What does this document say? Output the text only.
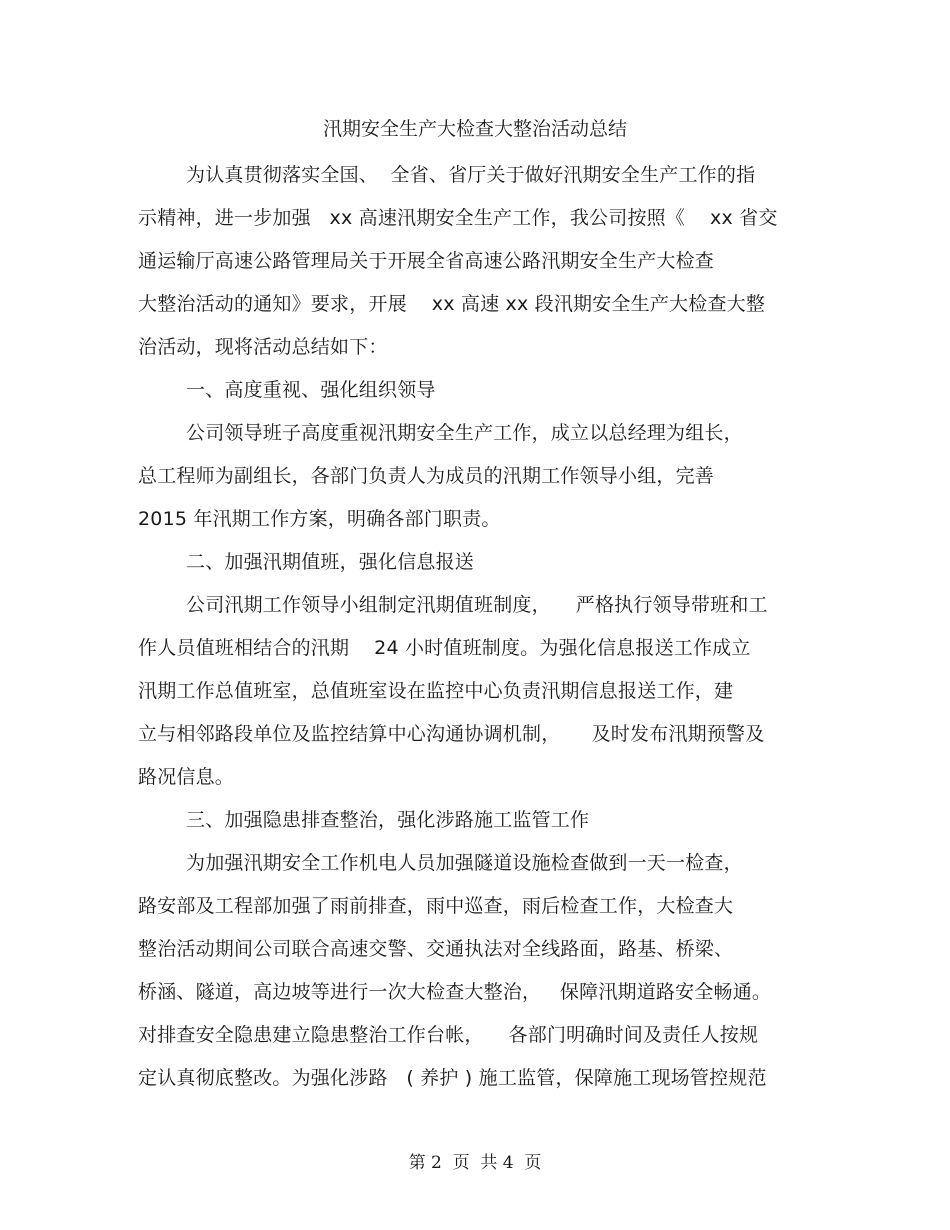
汛期安全生产大检查大整治活动总结
为认真贯彻落实全国、  全省、省厅关于做好汛期安全生产工作的指
示精神，进一步加强   xx 高速汛期安全生产工作，我公司按照《    xx 省交
通运输厅高速公路管理局关于开展全省高速公路汛期安全生产大检查
大整治活动的通知》要求，开展    xx 高速 xx 段汛期安全生产大检查大整
治活动，现将活动总结如下：
一、高度重视、强化组织领导
公司领导班子高度重视汛期安全生产工作，成立以总经理为组长，
总工程师为副组长，各部门负责人为成员的汛期工作领导小组，完善
2015 年汛期工作方案，明确各部门职责。
二、加强汛期值班，强化信息报送
公司汛期工作领导小组制定汛期值班制度，    严格执行领导带班和工
作人员值班相结合的汛期    24 小时值班制度。为强化信息报送工作成立
汛期工作总值班室，总值班室设在监控中心负责汛期信息报送工作，建
立与相邻路段单位及监控结算中心沟通协调机制，     及时发布汛期预警及
路况信息。
三、加强隐患排查整治，强化涉路施工监管工作
为加强汛期安全工作机电人员加强隧道设施检查做到一天一检查，
路安部及工程部加强了雨前排查，雨中巡查，雨后检查工作，大检查大
整治活动期间公司联合高速交警、交通执法对全线路面，路基、桥梁、
桥涵、隧道，高边坡等进行一次大检查大整治，   保障汛期道路安全畅通。
对排查安全隐患建立隐患整治工作台帐，    各部门明确时间及责任人按规
定认真彻底整改。为强化涉路   ( 养护 ) 施工监管，保障施工现场管控规范
第 2  页  共 4  页
